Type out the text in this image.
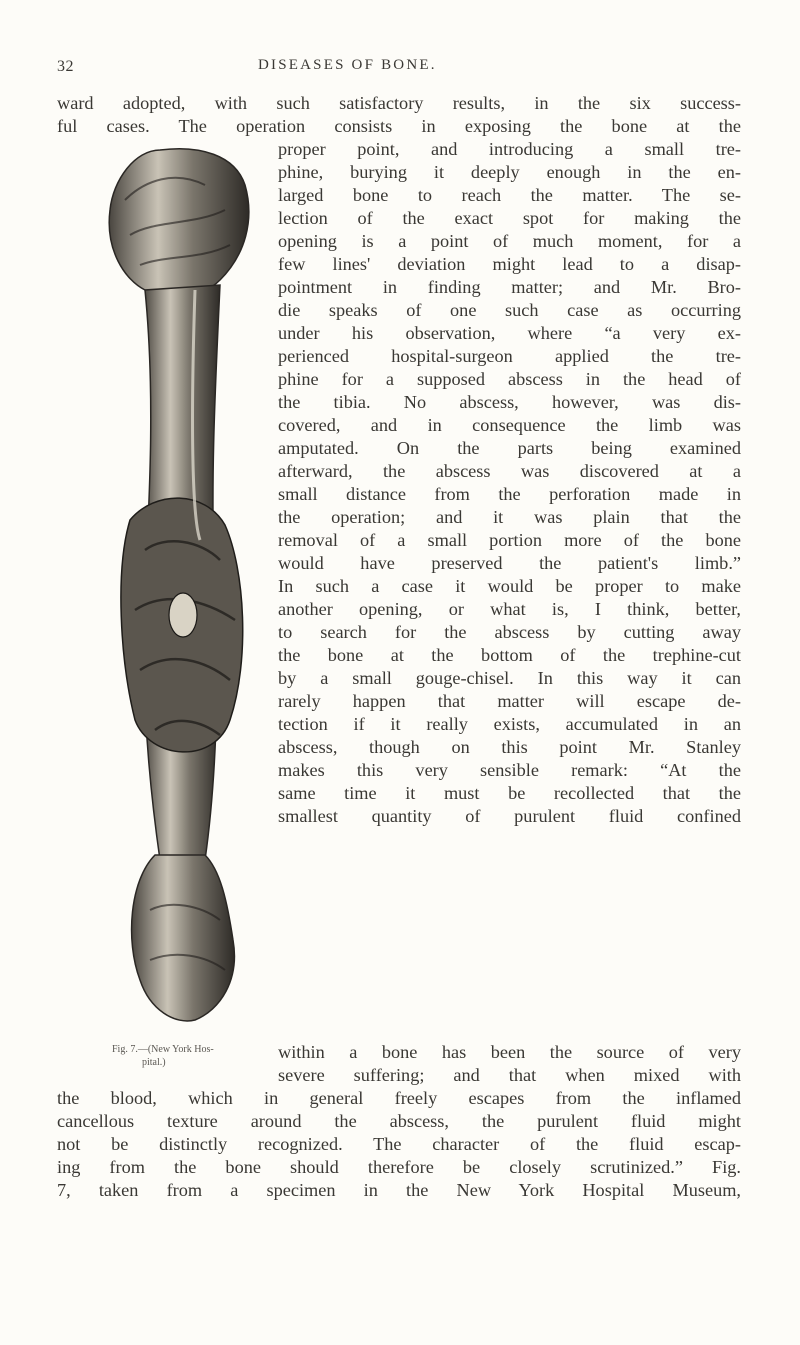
32	DISEASES OF BONE.
Fig. 7.—(New York Hos-
pital.)
ward adopted, with such satisfactory results, in the six success-
ful cases. The operation consists in exposing the bone at the
proper point, and introducing a small tre-
phine, burying it deeply enough in the en-
larged bone to reach the matter. The se-
lection of the exact spot for making the
opening is a point of much moment, for a
few lines' deviation might lead to a disap-
pointment in finding matter; and Mr. Bro-
die speaks of one such case as occurring
under his observation, where “a very ex-
perienced hospital-surgeon applied the tre-
phine for a supposed abscess in the head of
the tibia. No abscess, however, was dis-
covered, and in consequence the limb was
amputated. On the parts being examined
afterward, the abscess was discovered at a
small distance from the perforation made in
the operation; and it was plain that the
removal of a small portion more of the bone
would have preserved the patient's limb.”
In such a case it would be proper to make
another opening, or what is, I think, better,
to search for the abscess by cutting away
the bone at the bottom of the trephine-cut
by a small gouge-chisel. In this way it can
rarely happen that matter will escape de-
tection if it really exists, accumulated in an
abscess, though on this point Mr. Stanley
makes this very sensible remark: “At the
same time it must be recollected that the
smallest quantity of purulent fluid confined
within a bone has been the source of very
severe suffering; and that when mixed with
the blood, which in general freely escapes from the inflamed
cancellous texture around the abscess, the purulent fluid might
not be distinctly recognized. The character of the fluid escap-
ing from the bone should therefore be closely scrutinized.” Fig.
7, taken from a specimen in the New York Hospital Museum,
